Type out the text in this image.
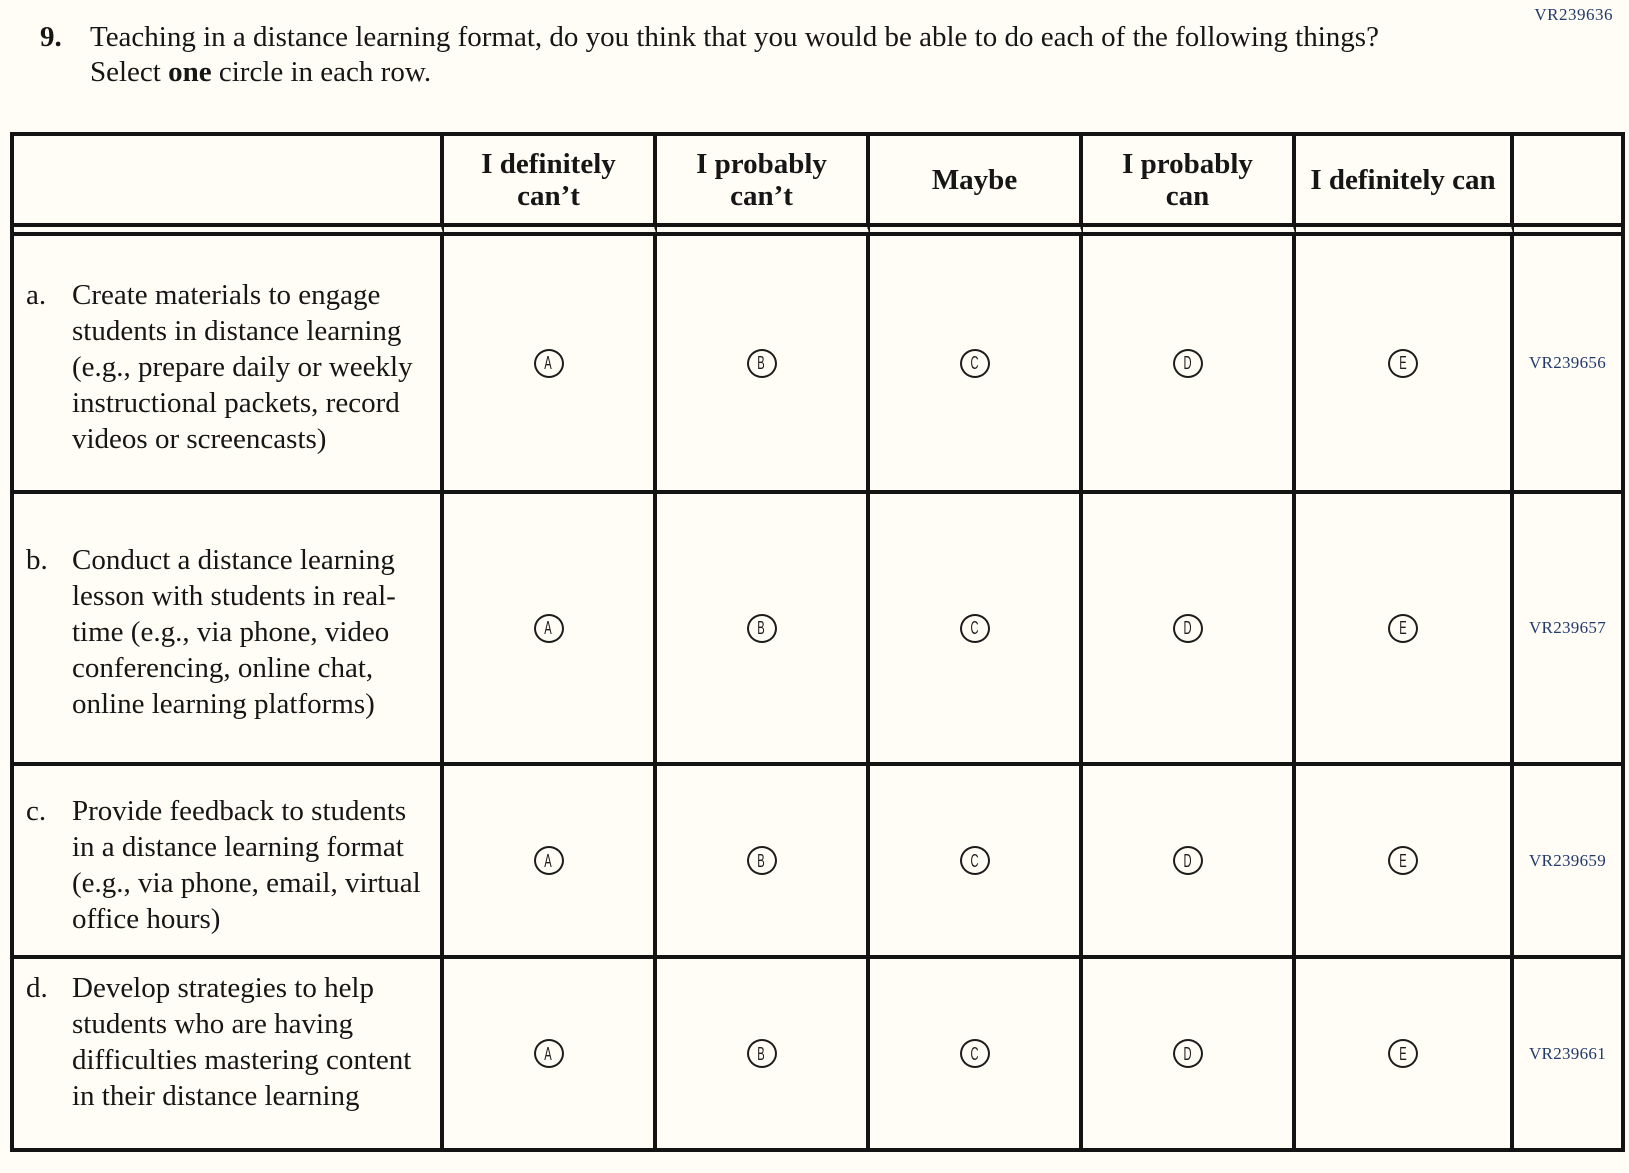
VR239636
9. Teaching in a distance learning format, do you think that you would be able to do each of the following things? Select one circle in each row.
	I definitely can’t	I probably can’t	Maybe	I probably can	I definitely can	

a. Create materials to engage students in distance learning (e.g., prepare daily or weekly instructional packets, record videos or screencasts)	A	B	C	D	E	VR239656

b. Conduct a distance learning lesson with students in real-time (e.g., via phone, video conferencing, online chat, online learning platforms)	A	B	C	D	E	VR239657

c. Provide feedback to students in a distance learning format (e.g., via phone, email, virtual office hours)	A	B	C	D	E	VR239659

d. Develop strategies to help students who are having difficulties mastering content in their distance learning	A	B	C	D	E	VR239661
